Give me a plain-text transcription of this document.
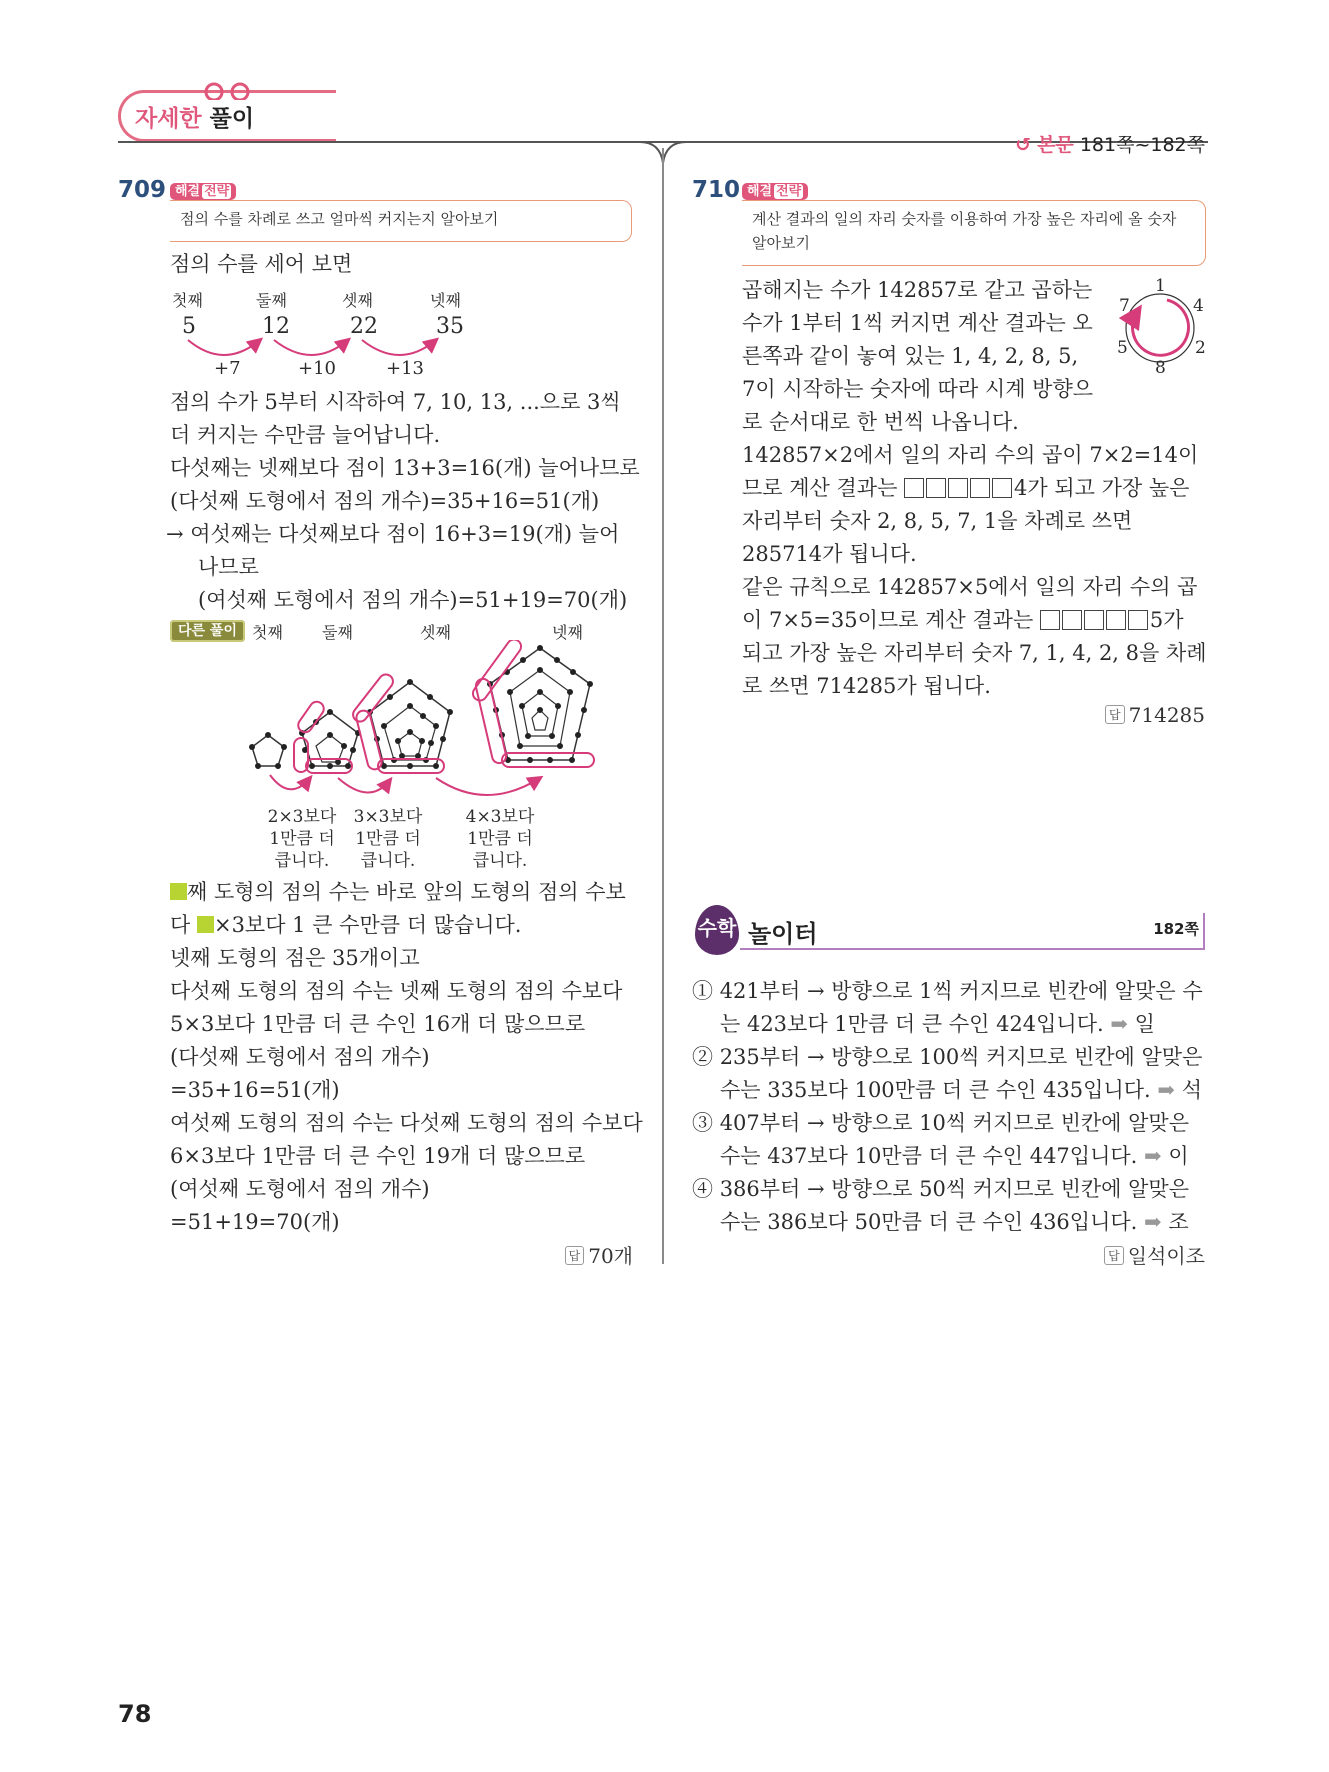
자세한 풀이
↺ 본문 181쪽~182쪽
709 해결 전략
점의 수를 차례로 쓰고 얼마씩 커지는지 알아보기
점의 수를 세어 보면
첫째	둘째	셋째	넷째
5	12	22	35
+7	+10	+13

점의 수가 5부터 시작하여 7, 10, 13, ...으로 3씩

더 커지는 수만큼 늘어납니다.

다섯째는 넷째보다 점이 13+3=16(개) 늘어나므로

(다섯째 도형에서 점의 개수)=35+16=51(개)

→ 여섯째는 다섯째보다 점이 16+3=19(개) 늘어

나므로

(여섯째 도형에서 점의 개수)=51+19=70(개)

다른 풀이 첫째 둘째	셋째	넷째
2×3보다
1만큼 더
큽니다.
3×3보다
1만큼 더
큽니다.
4×3보다
1만큼 더
큽니다.

째 도형의 점의 수는 바로 앞의 도형의 점의 수보

다 ×3보다 1 큰 수만큼 더 많습니다.

넷째 도형의 점은 35개이고

다섯째 도형의 점의 수는 넷째 도형의 점의 수보다

5×3보다 1만큼 더 큰 수인 16개 더 많으므로

(다섯째 도형에서 점의 개수)

=35+16=51(개)

여섯째 도형의 점의 수는 다섯째 도형의 점의 수보다

6×3보다 1만큼 더 큰 수인 19개 더 많으므로

(여섯째 도형에서 점의 개수)

=51+19=70(개)

답 70개
710 해결 전략
계산 결과의 일의 자리 숫자를 이용하여 가장 높은 자리에 올 숫자 알아보기

곱해지는 수가 142857로 같고 곱하는

수가 1부터 1씩 커지면 계산 결과는 오

른쪽과 같이 놓여 있는 1, 4, 2, 8, 5,

7이 시작하는 숫자에 따라 시계 방향으

로 순서대로 한 번씩 나옵니다.

1
4
2
8
5
7

142857×2에서 일의 자리 수의 곱이 7×2=14이

므로 계산 결과는	4가 되고 가장 높은

자리부터 숫자 2, 8, 5, 7, 1을 차례로 쓰면

285714가 됩니다.

같은 규칙으로 142857×5에서 일의 자리 수의 곱

이 7×5=35이므로 계산 결과는	5가

되고 가장 높은 자리부터 숫자 7, 1, 4, 2, 8을 차례

로 쓰면 714285가 됩니다.

답 714285
수학 놀이터	182쪽

① 421부터 → 방향으로 1씩 커지므로 빈칸에 알맞은 수

는 423보다 1만큼 더 큰 수인 424입니다. ➡ 일

② 235부터 → 방향으로 100씩 커지므로 빈칸에 알맞은

수는 335보다 100만큼 더 큰 수인 435입니다. ➡ 석

③ 407부터 → 방향으로 10씩 커지므로 빈칸에 알맞은

수는 437보다 10만큼 더 큰 수인 447입니다. ➡ 이

④ 386부터 → 방향으로 50씩 커지므로 빈칸에 알맞은

수는 386보다 50만큼 더 큰 수인 436입니다. ➡ 조

답 일석이조
78
